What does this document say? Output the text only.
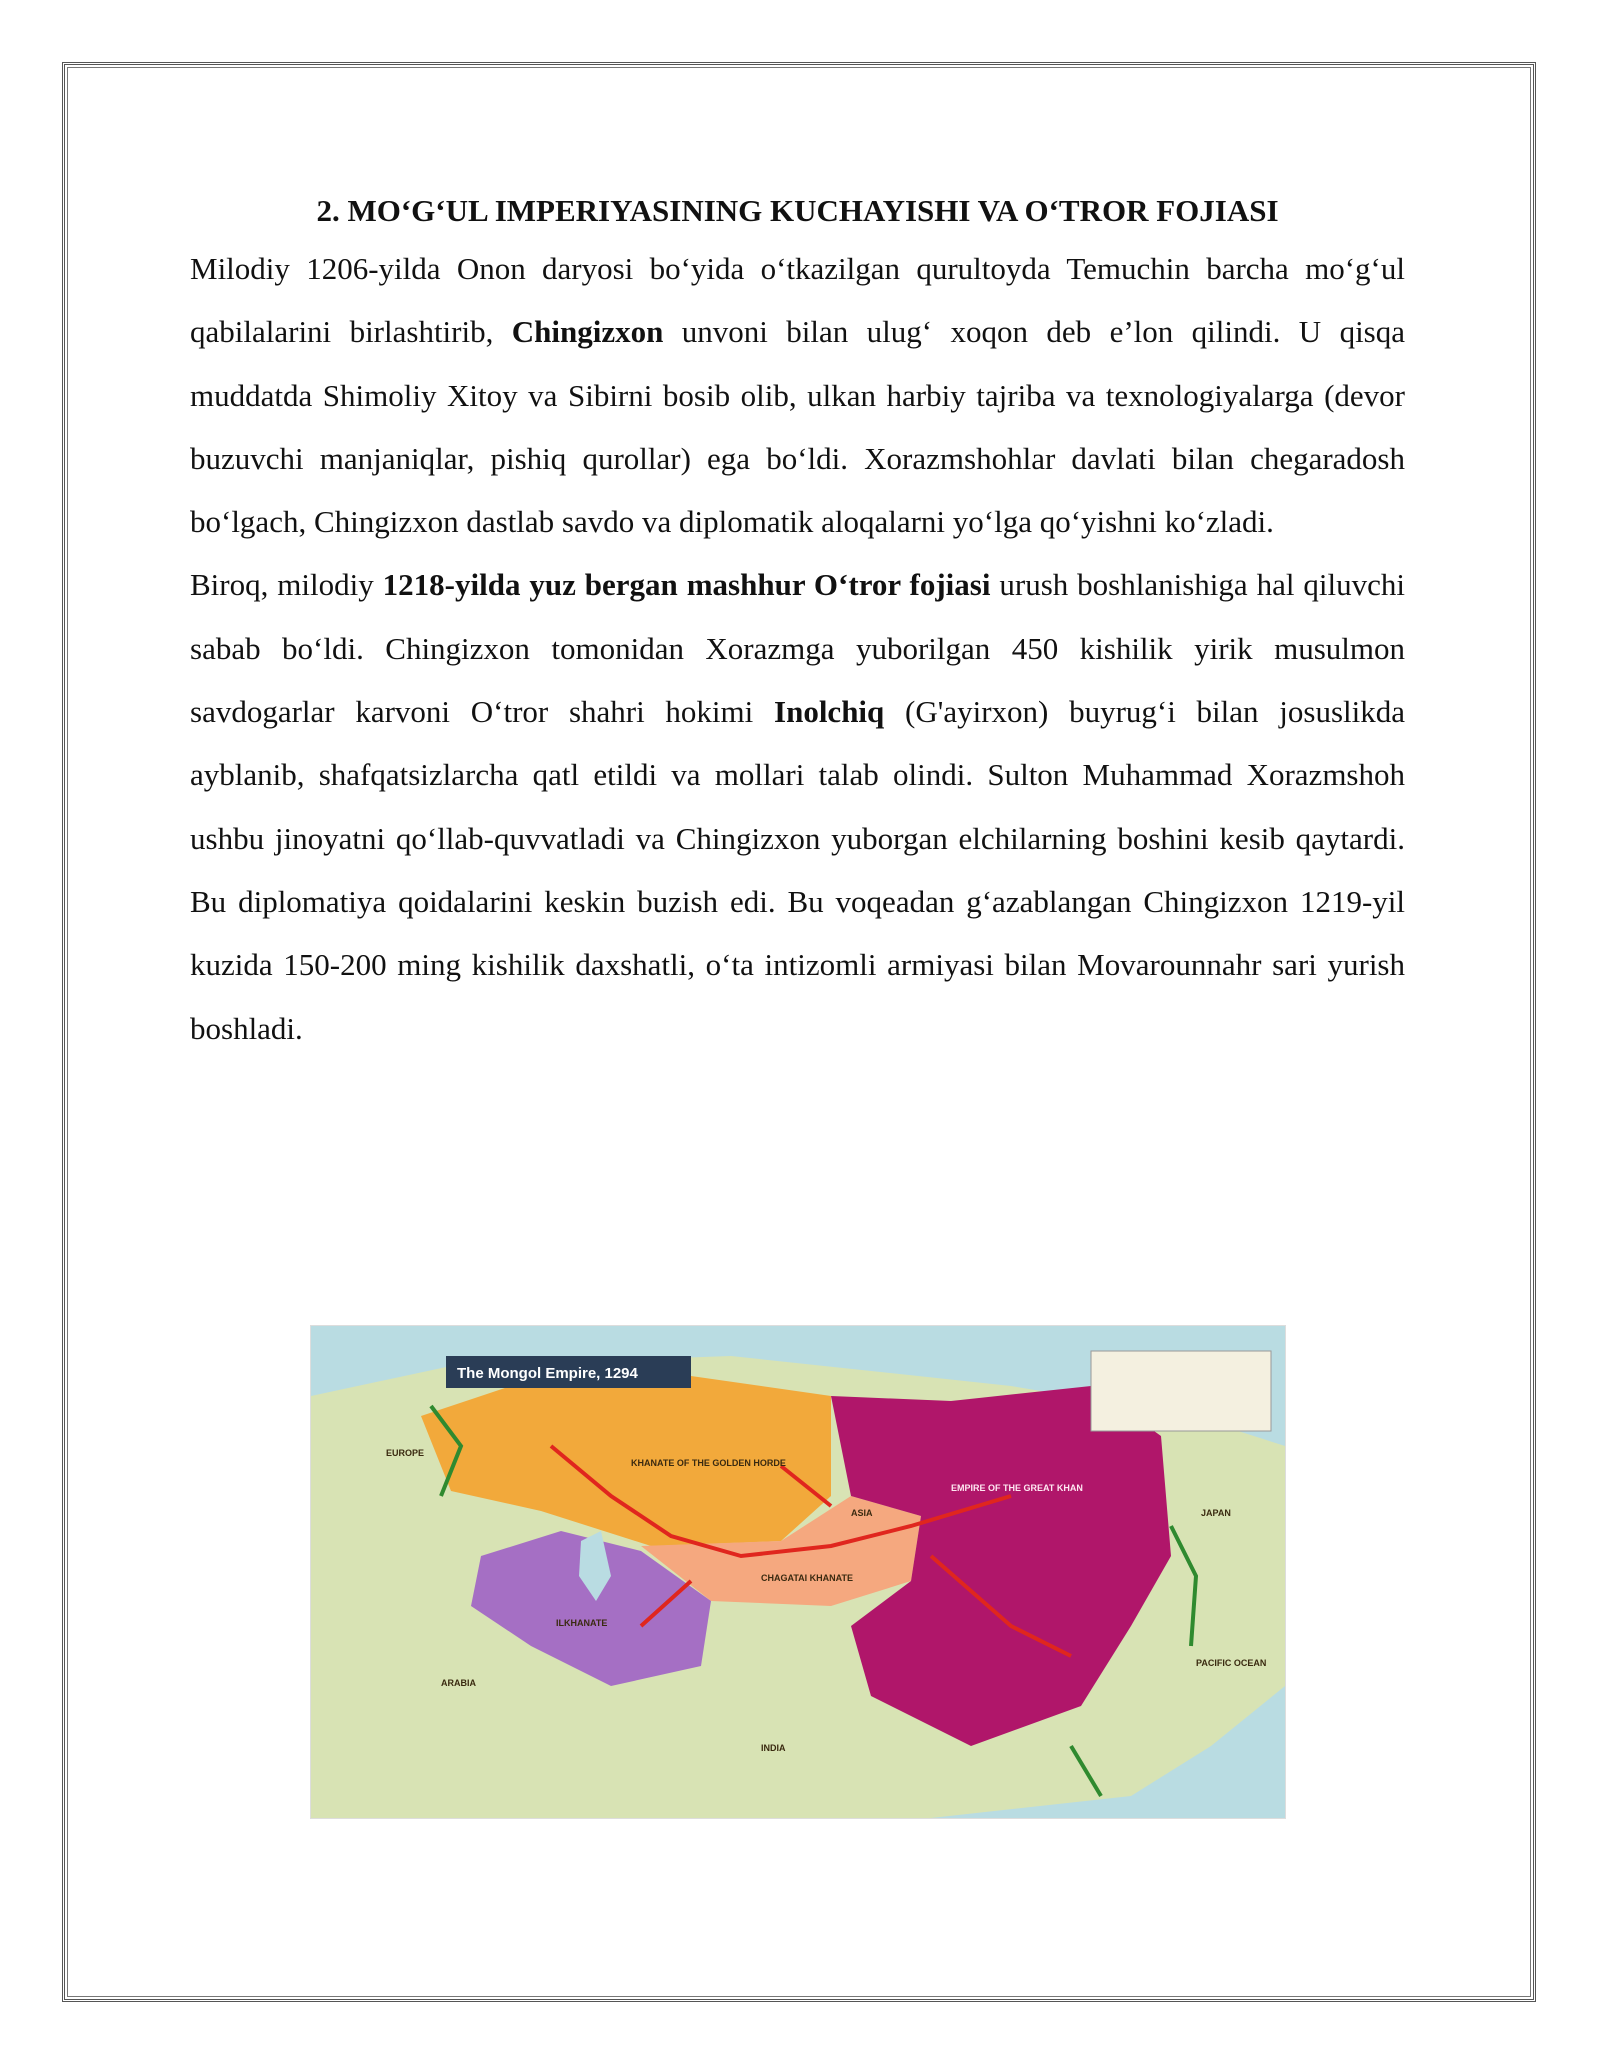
2. MO‘G‘UL IMPERIYASINING KUCHAYISHI VA O‘TROR FOJIASI

Milodiy 1206-yilda Onon daryosi bo‘yida o‘tkazilgan qurultoyda Temuchin barcha mo‘g‘ul qabilalarini birlashtirib, Chingizxon unvoni bilan ulug‘ xoqon deb e’lon qilindi. U qisqa muddatda Shimoliy Xitoy va Sibirni bosib olib, ulkan harbiy tajriba va texnologiyalarga (devor buzuvchi manjaniqlar, pishiq qurollar) ega bo‘ldi. Xorazmshohlar davlati bilan chegaradosh bo‘lgach, Chingizxon dastlab savdo va diplomatik aloqalarni yo‘lga qo‘yishni ko‘zladi.

Biroq, milodiy 1218-yilda yuz bergan mashhur O‘tror fojiasi urush boshlanishiga hal qiluvchi sabab bo‘ldi. Chingizxon tomonidan Xorazmga yuborilgan 450 kishilik yirik musulmon savdogarlar karvoni O‘tror shahri hokimi Inolchiq (G'ayirxon) buyrug‘i bilan josuslikda ayblanib, shafqatsizlarcha qatl etildi va mollari talab olindi. Sulton Muhammad Xorazmshoh ushbu jinoyatni qo‘llab-quvvatladi va Chingizxon yuborgan elchilarning boshini kesib qaytardi. Bu diplomatiya qoidalarini keskin buzish edi. Bu voqeadan g‘azablangan Chingizxon 1219-yil kuzida 150-200 ming kishilik daxshatli, o‘ta intizomli armiyasi bilan Movarounnahr sari yurish boshladi.

The Mongol Empire, 1294
EUROPE
KHANATE OF THE GOLDEN HORDE
CHAGATAI KHANATE
ILKHANATE
EMPIRE OF THE GREAT KHAN
ASIA
ARABIA
INDIA
JAPAN
PACIFIC OCEAN
